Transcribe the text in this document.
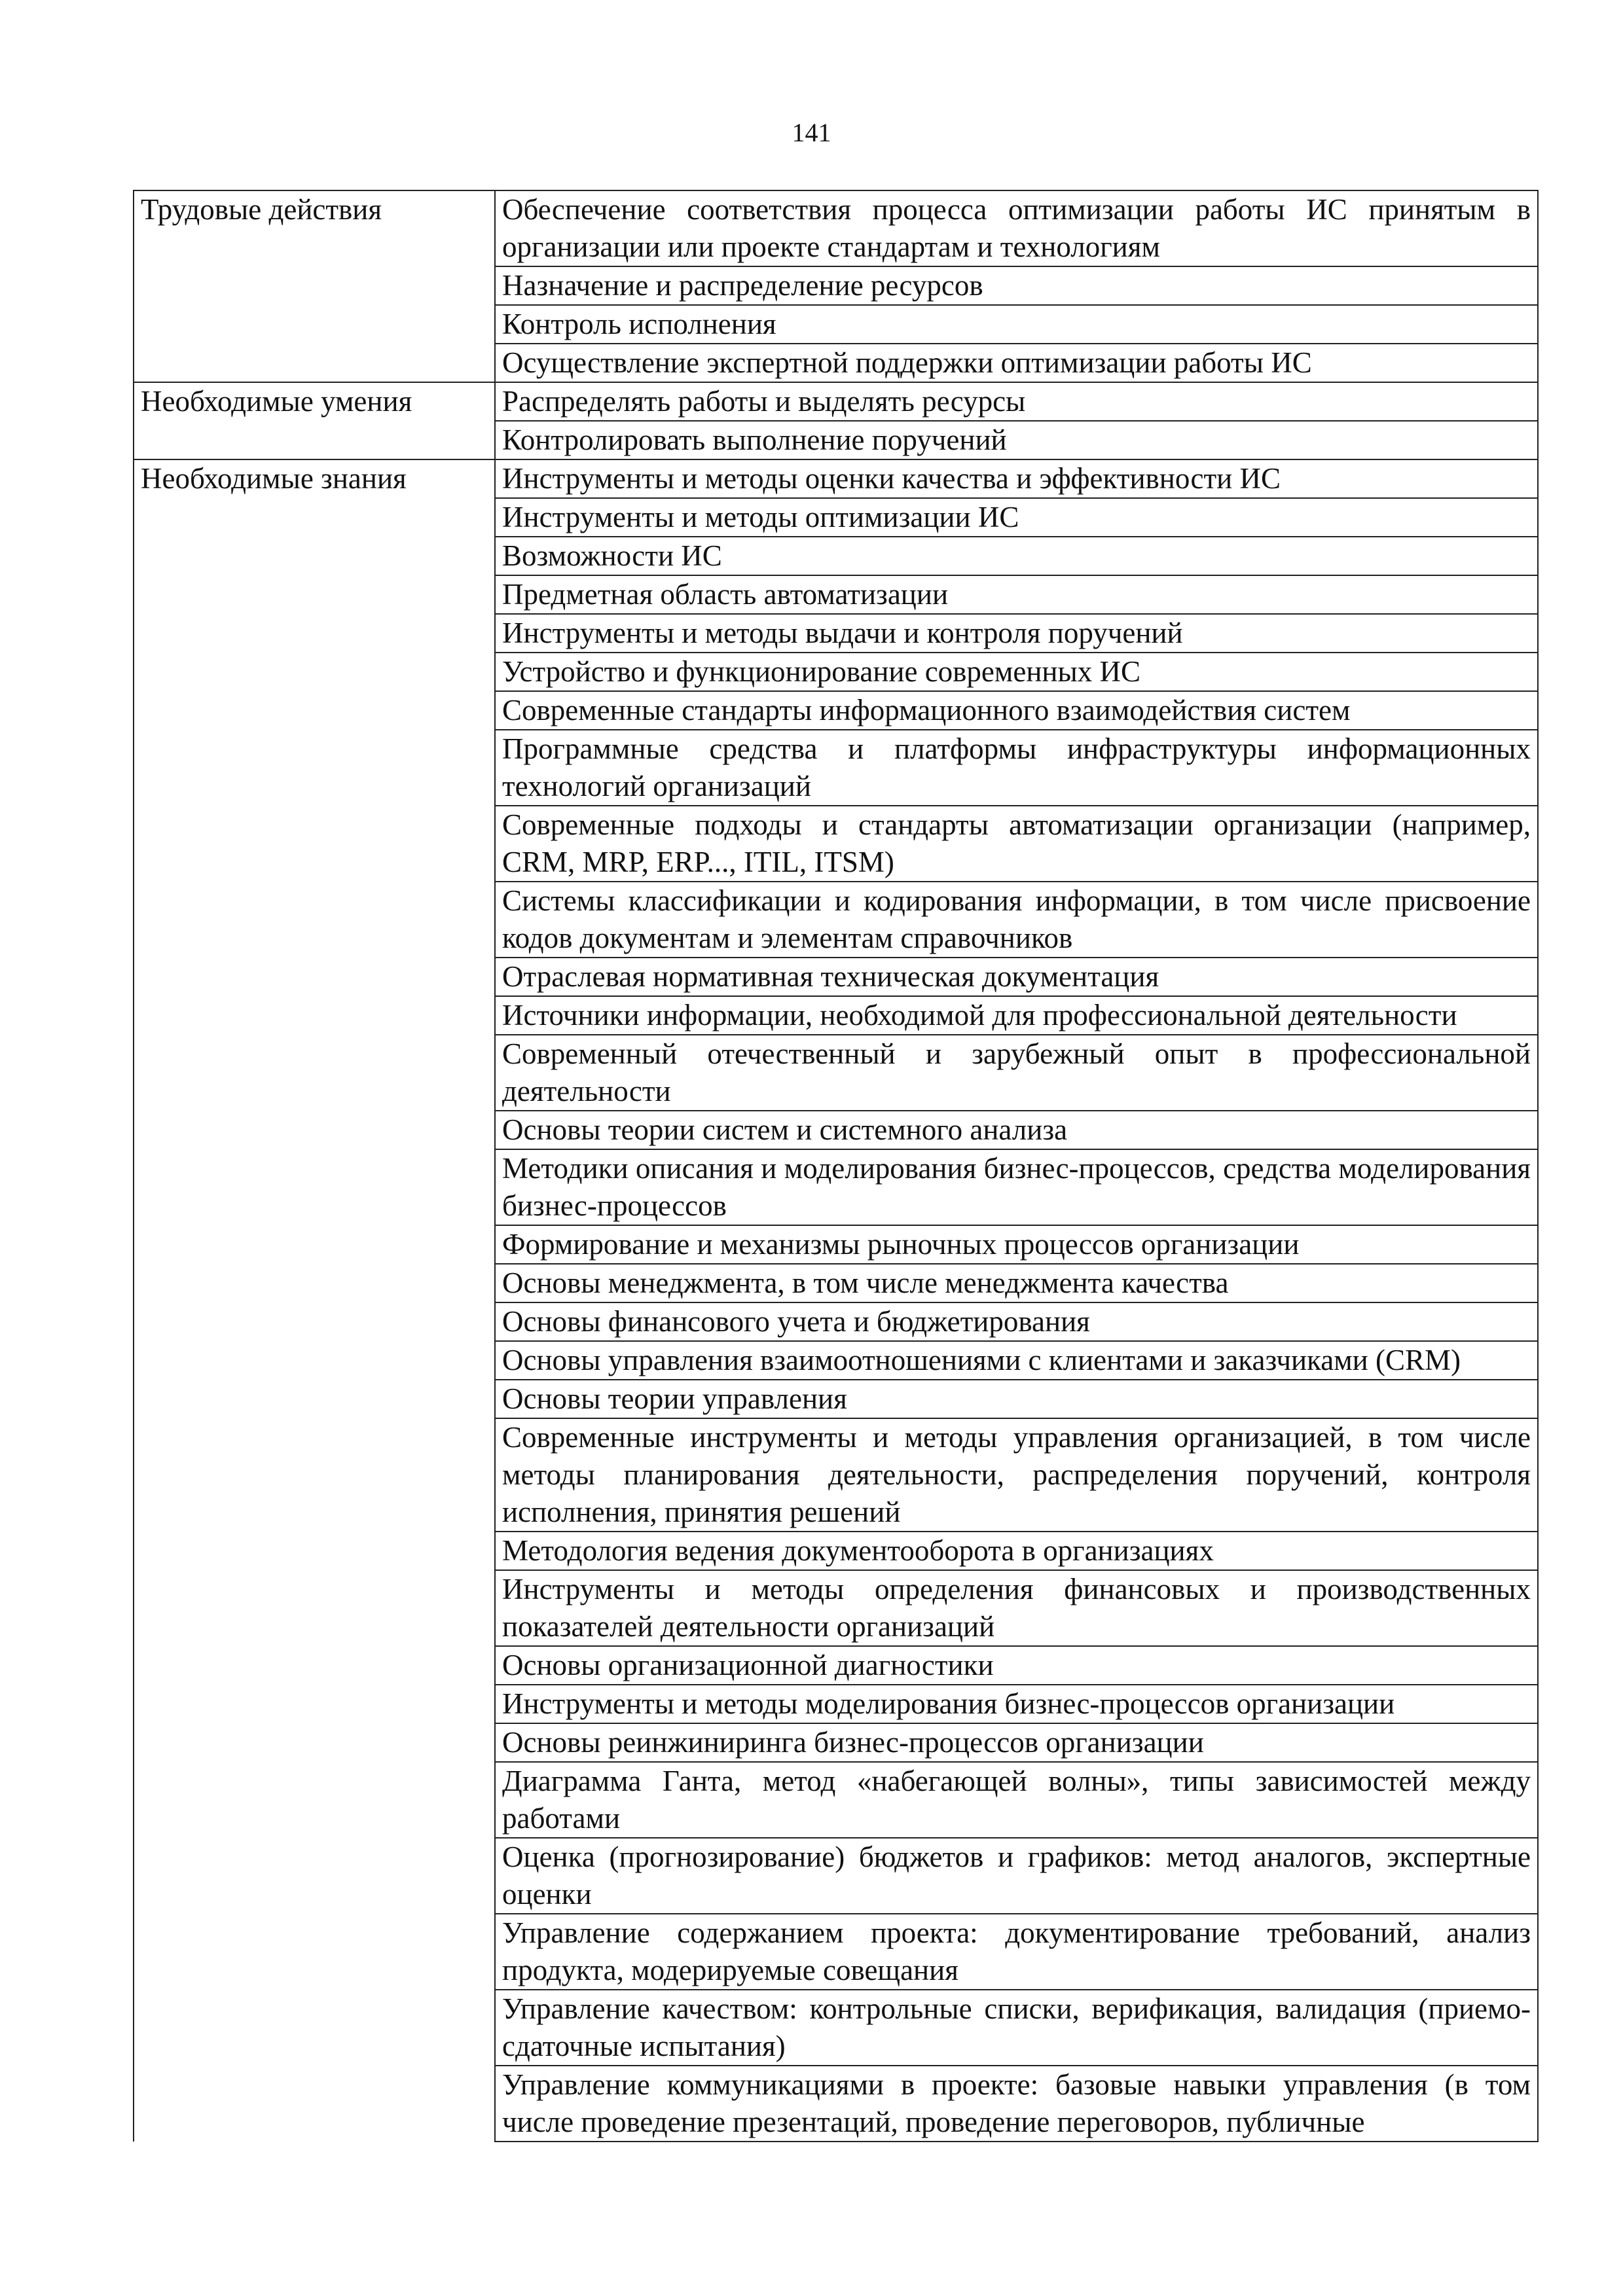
141
Трудовые действия	Обеспечение соответствия процесса оптимизации работы ИС принятым в организации или проекте стандартам и технологиям
	Назначение и распределение ресурсов
	Контроль исполнения
	Осуществление экспертной поддержки оптимизации работы ИС
Необходимые умения	Распределять работы и выделять ресурсы
	Контролировать выполнение поручений
Необходимые знания	Инструменты и методы оценки качества и эффективности ИС
	Инструменты и методы оптимизации ИС
	Возможности ИС
	Предметная область автоматизации
	Инструменты и методы выдачи и контроля поручений
	Устройство и функционирование современных ИС
	Современные стандарты информационного взаимодействия систем
	Программные средства и платформы инфраструктуры информационных технологий организаций
	Современные подходы и стандарты автоматизации организации (например, CRM, MRP, ERP..., ITIL, ITSM)
	Системы классификации и кодирования информации, в том числе присвоение кодов документам и элементам справочников
	Отраслевая нормативная техническая документация
	Источники информации, необходимой для профессиональной деятельности
	Современный отечественный и зарубежный опыт в профессиональной деятельности
	Основы теории систем и системного анализа
	Методики описания и моделирования бизнес-процессов, средства моделирования бизнес-процессов
	Формирование и механизмы рыночных процессов организации
	Основы менеджмента, в том числе менеджмента качества
	Основы финансового учета и бюджетирования
	Основы управления взаимоотношениями с клиентами и заказчиками (CRM)
	Основы теории управления
	Современные инструменты и методы управления организацией, в том числе методы планирования деятельности, распределения поручений, контроля исполнения, принятия решений
	Методология ведения документооборота в организациях
	Инструменты и методы определения финансовых и производственных показателей деятельности организаций
	Основы организационной диагностики
	Инструменты и методы моделирования бизнес-процессов организации
	Основы реинжиниринга бизнес-процессов организации
	Диаграмма Ганта, метод «набегающей волны», типы зависимостей между работами
	Оценка (прогнозирование) бюджетов и графиков: метод аналогов, экспертные оценки
	Управление содержанием проекта: документирование требований, анализ продукта, модерируемые совещания
	Управление качеством: контрольные списки, верификация, валидация (приемо-сдаточные испытания)
	Управление коммуникациями в проекте: базовые навыки управления (в том числе проведение презентаций, проведение переговоров, публичные
